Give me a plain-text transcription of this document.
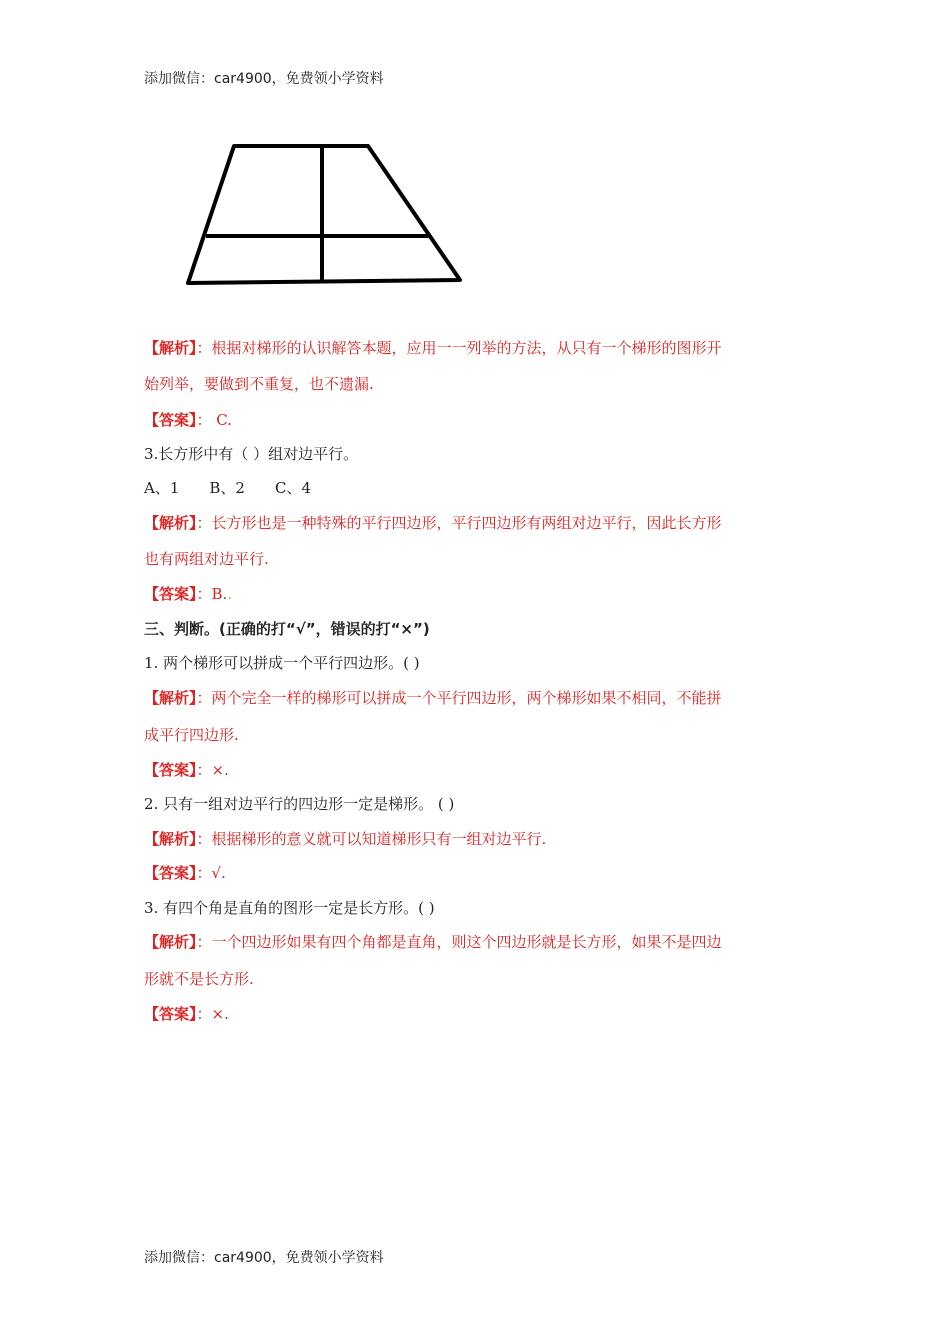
添加微信：car4900，免费领小学资料
【解析】：根据对梯形的认识解答本题，应用一一列举的方法，从只有一个梯形的图形开
始列举，要做到不重复，也不遗漏.
【答案】： C.
3.长方形中有（ ）组对边平行。
A、1 B、2 C、4
【解析】：长方形也是一种特殊的平行四边形，平行四边形有两组对边平行，因此长方形
也有两组对边平行.
【答案】：B..
三、判断。(正确的打“√”，错误的打“×”)
1. 两个梯形可以拼成一个平行四边形。( )
【解析】：两个完全一样的梯形可以拼成一个平行四边形，两个梯形如果不相同，不能拼
成平行四边形.
【答案】：×.
2. 只有一组对边平行的四边形一定是梯形。 ( )
【解析】：根据梯形的意义就可以知道梯形只有一组对边平行.
【答案】：√.
3. 有四个角是直角的图形一定是长方形。( )
【解析】：一个四边形如果有四个角都是直角，则这个四边形就是长方形，如果不是四边
形就不是长方形.
【答案】：×.
添加微信：car4900，免费领小学资料
